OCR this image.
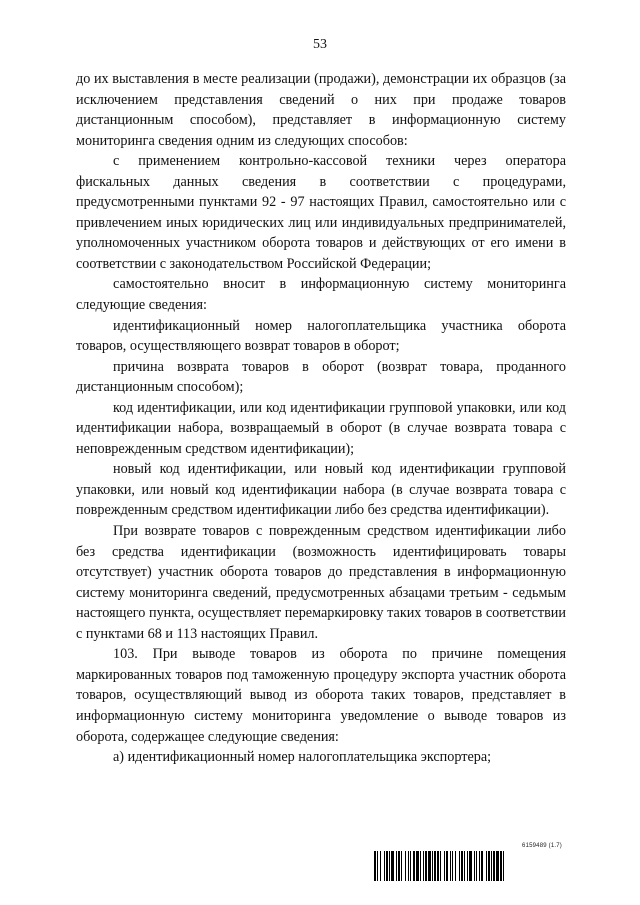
53

до их выставления в месте реализации (продажи), демонстрации их образцов (за исключением представления сведений о них при продаже товаров дистанционным способом), представляет в информационную систему мониторинга сведения одним из следующих способов:

с применением контрольно-кассовой техники через оператора фискальных данных сведения в соответствии с процедурами, предусмотренными пунктами 92 - 97 настоящих Правил, самостоятельно или с привлечением иных юридических лиц или индивидуальных предпринимателей, уполномоченных участником оборота товаров и действующих от его имени в соответствии с законодательством Российской Федерации;

самостоятельно вносит в информационную систему мониторинга следующие сведения:

идентификационный номер налогоплательщика участника оборота товаров, осуществляющего возврат товаров в оборот;

причина возврата товаров в оборот (возврат товара, проданного дистанционным способом);

код идентификации, или код идентификации групповой упаковки, или код идентификации набора, возвращаемый в оборот (в случае возврата товара с неповрежденным средством идентификации);

новый код идентификации, или новый код идентификации групповой упаковки, или новый код идентификации набора (в случае возврата товара с поврежденным средством идентификации либо без средства идентификации).

При возврате товаров с поврежденным средством идентификации либо без средства идентификации (возможность идентифицировать товары отсутствует) участник оборота товаров до представления в информационную систему мониторинга сведений, предусмотренных абзацами третьим - седьмым настоящего пункта, осуществляет перемаркировку таких товаров в соответствии с пунктами 68 и 113 настоящих Правил.

103. При выводе товаров из оборота по причине помещения маркированных товаров под таможенную процедуру экспорта участник оборота товаров, осуществляющий вывод из оборота таких товаров, представляет в информационную систему мониторинга уведомление о выводе товаров из оборота, содержащее следующие сведения:

а) идентификационный номер налогоплательщика экспортера;

6159489 (1.7)
